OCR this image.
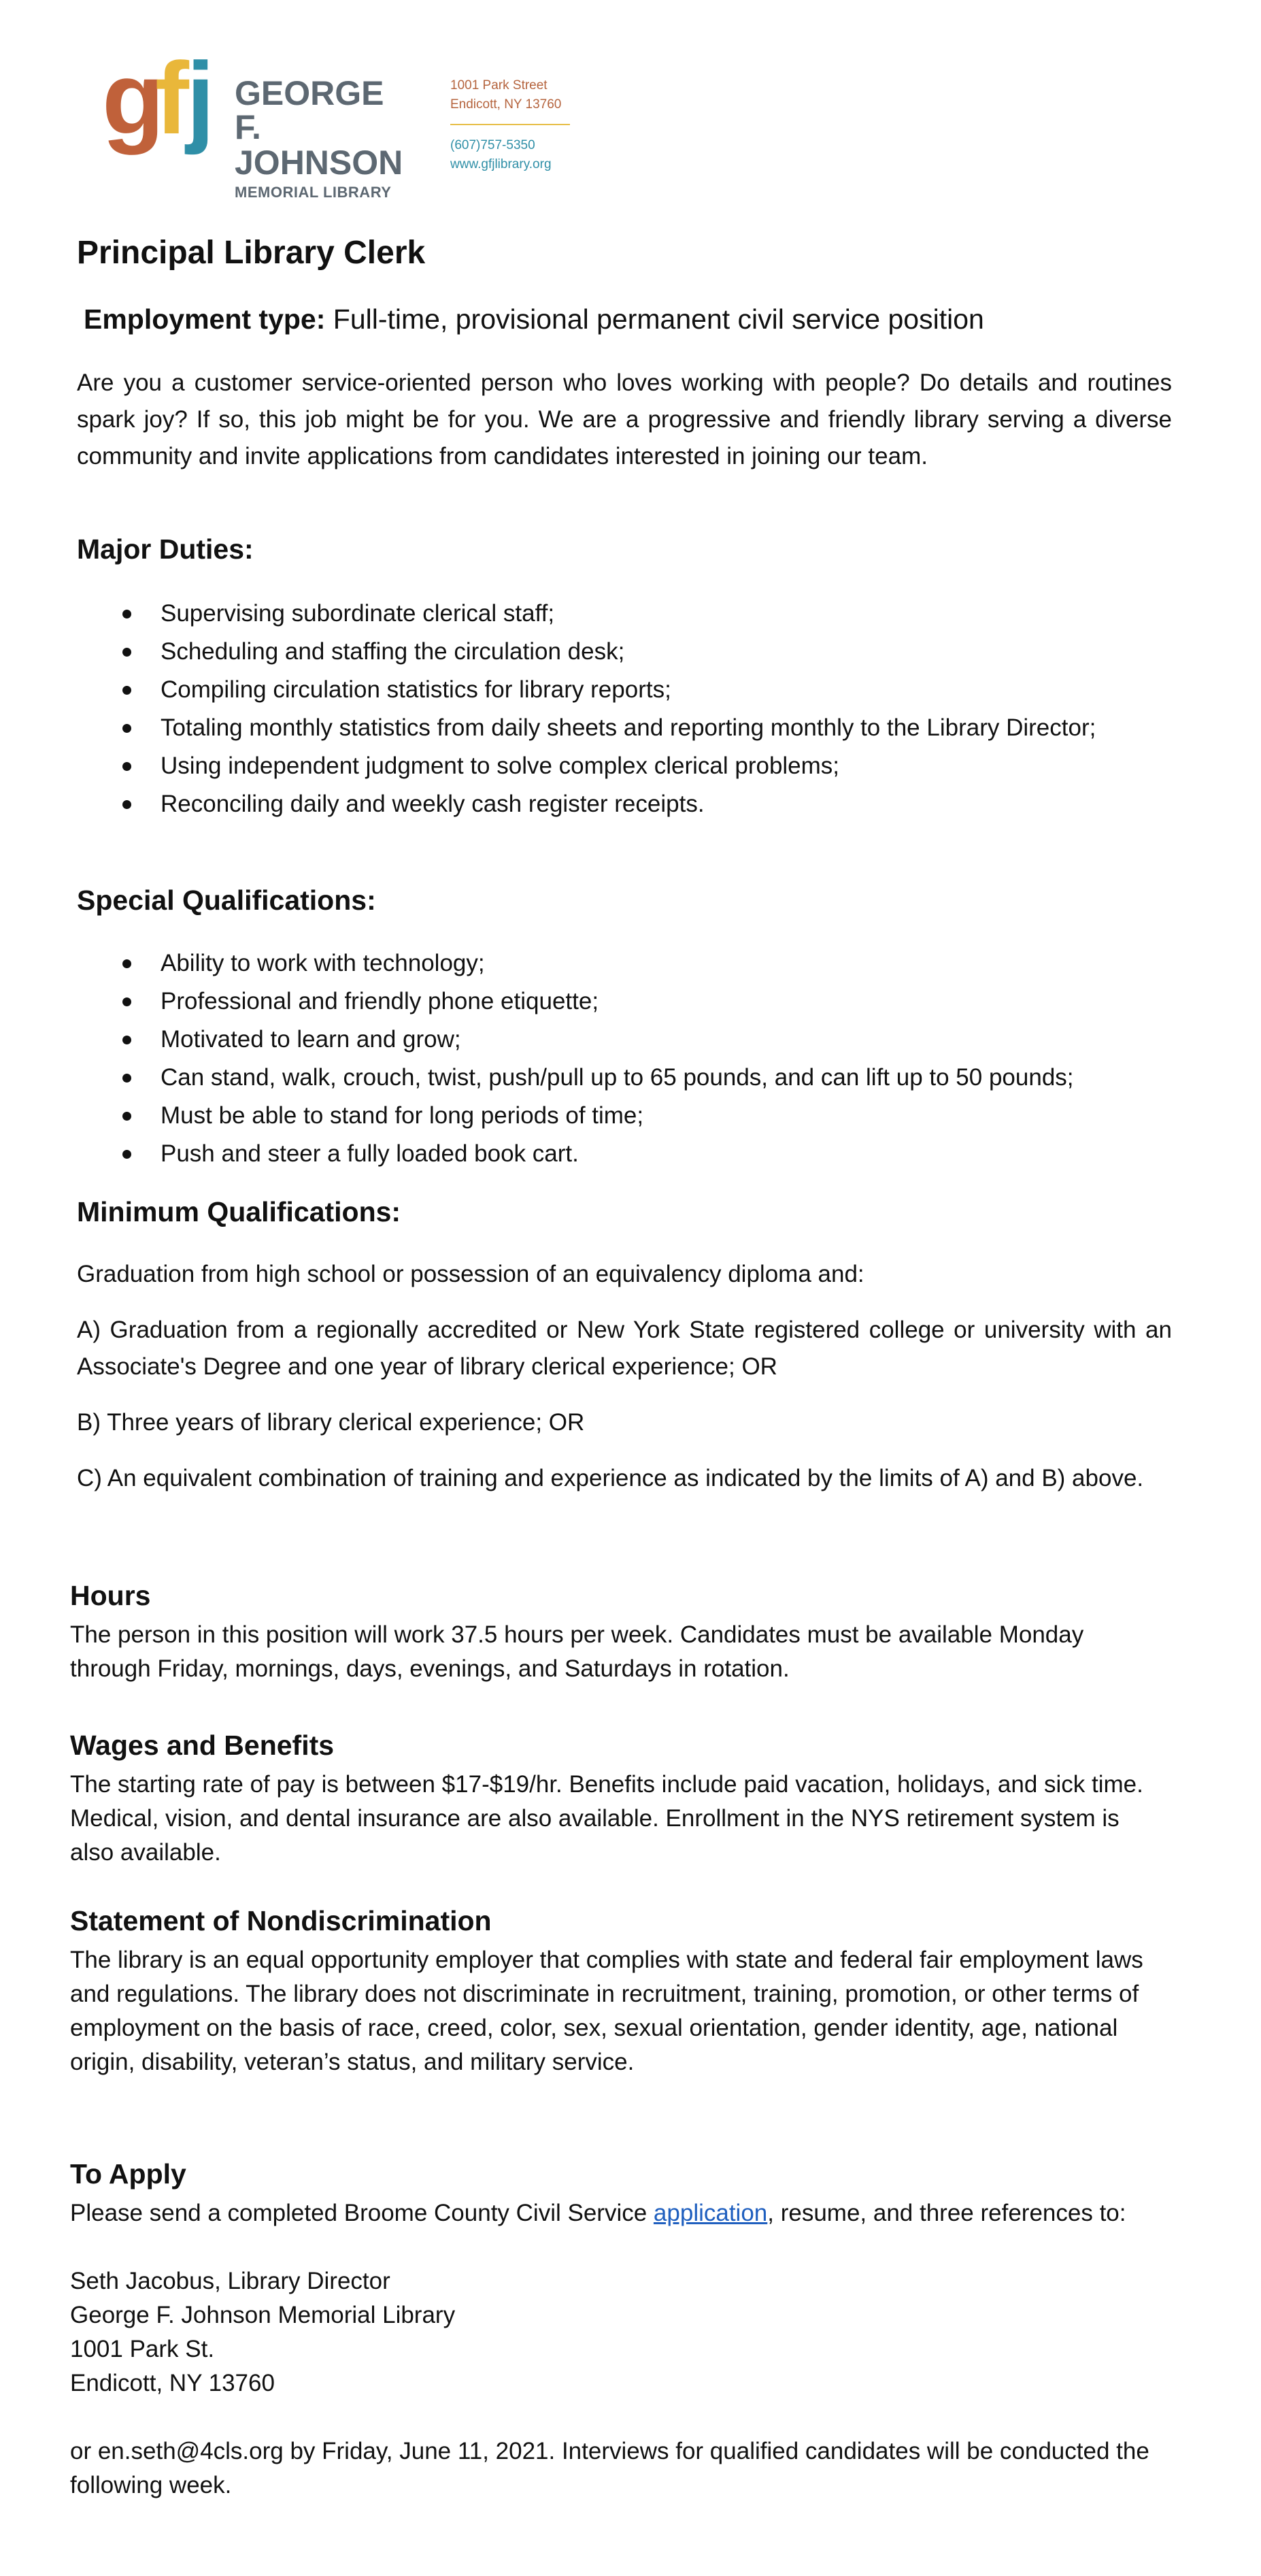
g
f
j GEORGE F.
JOHNSON
MEMORIAL LIBRARY
1001 Park Street
Endicott, NY 13760
(607)757-5350
www.gfjlibrary.org
Principal Library Clerk
Employment type: Full-time, provisional permanent civil service position
Are you a customer service-oriented person who loves working with people? Do details and routines spark joy? If so, this job might be for you. We are a progressive and friendly library serving a diverse community and invite applications from candidates interested in joining our team.
Major Duties:
Supervising subordinate clerical staff;
Scheduling and staffing the circulation desk;
Compiling circulation statistics for library reports;
Totaling monthly statistics from daily sheets and reporting monthly to the Library Director;
Using independent judgment to solve complex clerical problems;
Reconciling daily and weekly cash register receipts.
Special Qualifications:
Ability to work with technology;
Professional and friendly phone etiquette;
Motivated to learn and grow;
Can stand, walk, crouch, twist, push/pull up to 65 pounds, and can lift up to 50 pounds;
Must be able to stand for long periods of time;
Push and steer a fully loaded book cart.
Minimum Qualifications:
Graduation from high school or possession of an equivalency diploma and:
A) Graduation from a regionally accredited or New York State registered college or university with an Associate's Degree and one year of library clerical experience; OR
B) Three years of library clerical experience; OR
C) An equivalent combination of training and experience as indicated by the limits of A) and B) above.
Hours
The person in this position will work 37.5 hours per week. Candidates must be available Monday through Friday, mornings, days, evenings, and Saturdays in rotation.
Wages and Benefits
The starting rate of pay is between $17-$19/hr. Benefits include paid vacation, holidays, and sick time. Medical, vision, and dental insurance are also available. Enrollment in the NYS retirement system is also available.
Statement of Nondiscrimination
The library is an equal opportunity employer that complies with state and federal fair employment laws and regulations. The library does not discriminate in recruitment, training, promotion, or other terms of employment on the basis of race, creed, color, sex, sexual orientation, gender identity, age, national origin, disability, veteran’s status, and military service.
To Apply
Please send a completed Broome County Civil Service application, resume, and three references to:
Seth Jacobus, Library Director
George F. Johnson Memorial Library
1001 Park St.
Endicott, NY 13760
or en.seth@4cls.org by Friday, June 11, 2021. Interviews for qualified candidates will be conducted the following week.
